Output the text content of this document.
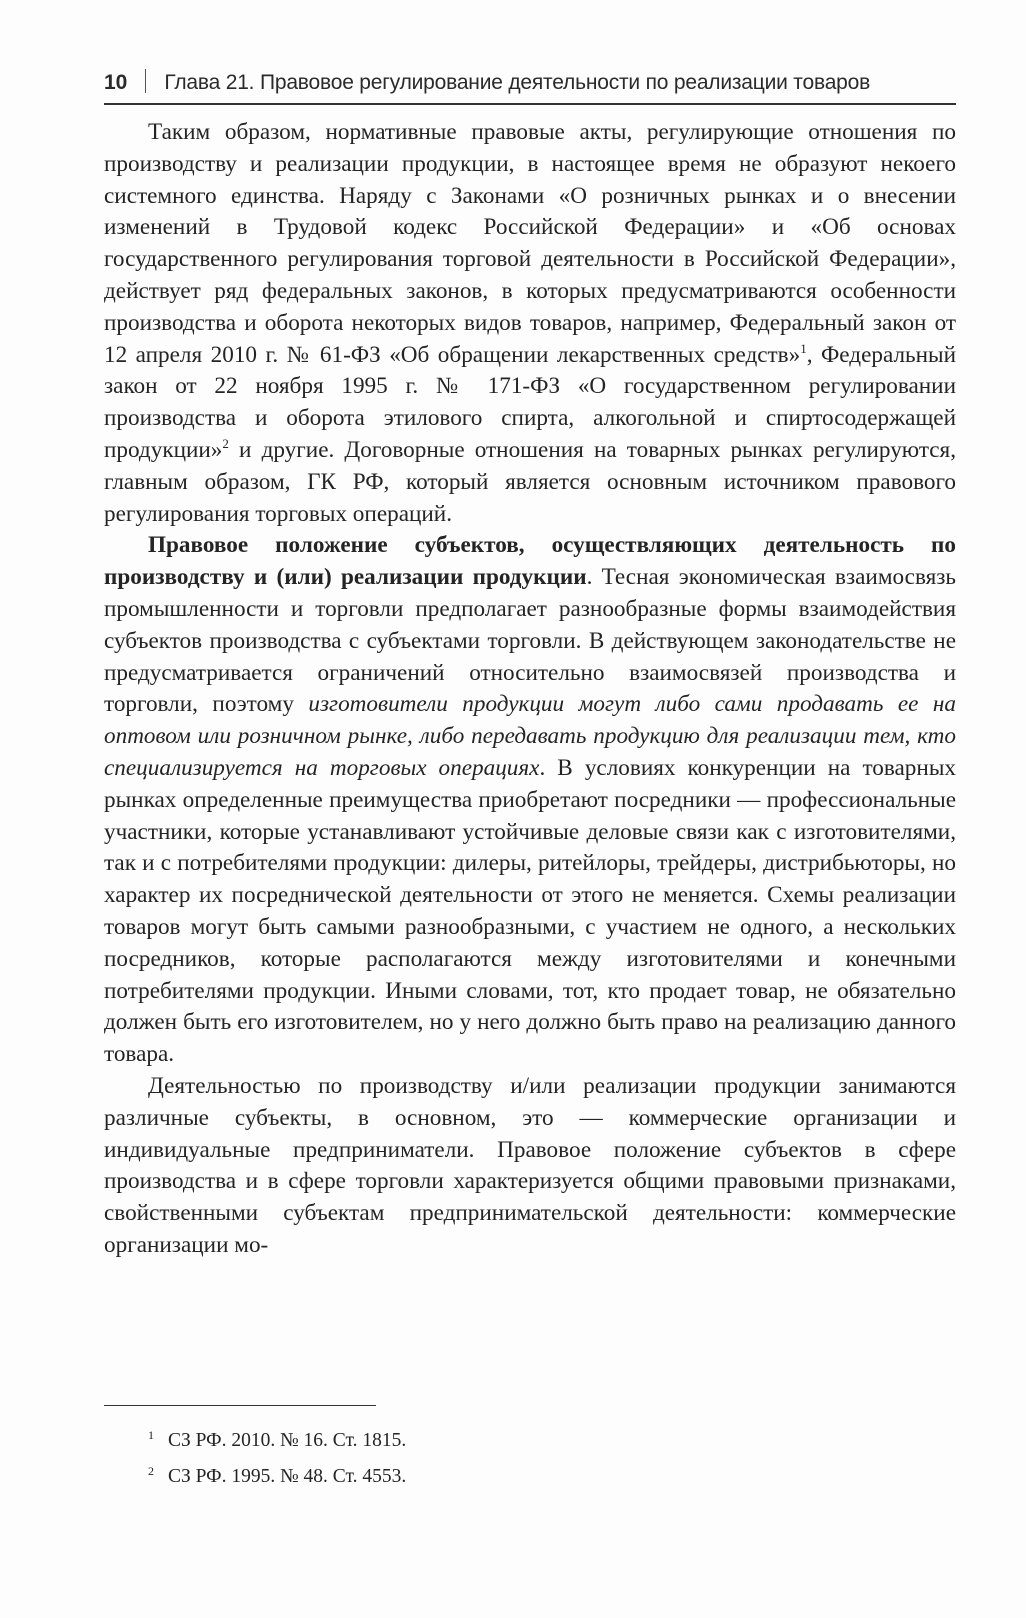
10 Глава 21. Правовое регулирование деятельности по реализации товаров

Таким образом, нормативные правовые акты, регулирующие отношения по производству и реализации продукции, в настоящее время не образуют некоего системного единства. Наряду с Законами «О розничных рынках и о внесении изменений в Трудовой кодекс Российской Федерации» и «Об основах государственного регулирования торговой деятельности в Российской Федерации», действует ряд федеральных законов, в которых предусматриваются особенности производства и оборота некоторых видов товаров, например, Федеральный закон от 12 апреля 2010 г. № 61-ФЗ «Об обращении лекарственных средств»$^1$, Федеральный закон от 22 ноября 1995 г. № 171-ФЗ «О государственном регулировании производства и оборота этилового спирта, алкогольной и спиртосодержащей продукции»$^2$ и другие. Договорные отношения на товарных рынках регулируются, главным образом, ГК РФ, который является основным источником правового регулирования торговых операций.

Правовое положение субъектов, осуществляющих деятельность по производству и (или) реализации продукции. Тесная экономическая взаимосвязь промышленности и торговли предполагает разнообразные формы взаимодействия субъектов производства с субъектами торговли. В действующем законодательстве не предусматривается ограничений относительно взаимосвязей производства и торговли, поэтому изготовители продукции могут либо сами продавать ее на оптовом или розничном рынке, либо передавать продукцию для реализации тем, кто специализируется на торговых операциях. В условиях конкуренции на товарных рынках определенные преимущества приобретают посредники — профессиональные участники, которые устанавливают устойчивые деловые связи как с изготовителями, так и с потребителями продукции: дилеры, ритейлоры, трейдеры, дистрибьюторы, но характер их посреднической деятельности от этого не меняется. Схемы реализации товаров могут быть самыми разнообразными, с участием не одного, а нескольких посредников, которые располагаются между изготовителями и конечными потребителями продукции. Иными словами, тот, кто продает товар, не обязательно должен быть его изготовителем, но у него должно быть право на реализацию данного товара.

Деятельностью по производству и/или реализации продукции занимаются различные субъекты, в основном, это — коммерческие организации и индивидуальные предприниматели. Правовое положение субъектов в сфере производства и в сфере торговли характеризуется общими правовыми признаками, свойственными субъектам предпринимательской деятельности: коммерческие организации мо-

1 СЗ РФ. 2010. № 16. Ст. 1815.
2 СЗ РФ. 1995. № 48. Ст. 4553.
